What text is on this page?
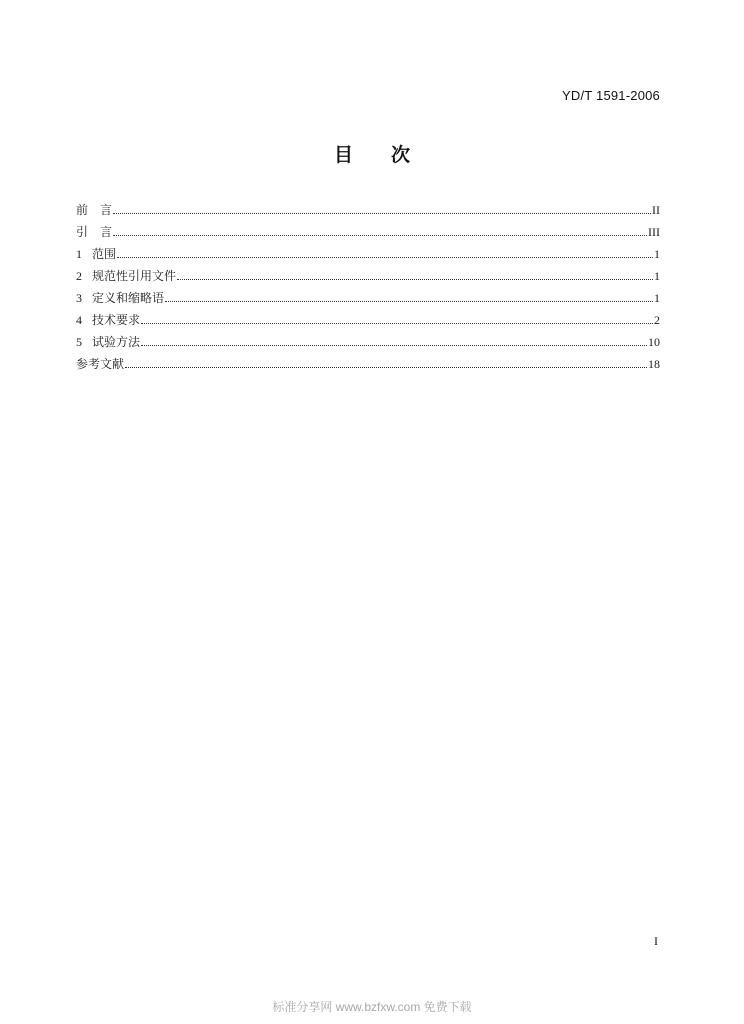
YD/T 1591-2006
目　　次
前　言	II
引　言	III
1 范围	1
2 规范性引用文件	1
3 定义和缩略语	1
4 技术要求	2
5 试验方法	10
参考文献	18
I
标准分享网 www.bzfxw.com 免费下载
